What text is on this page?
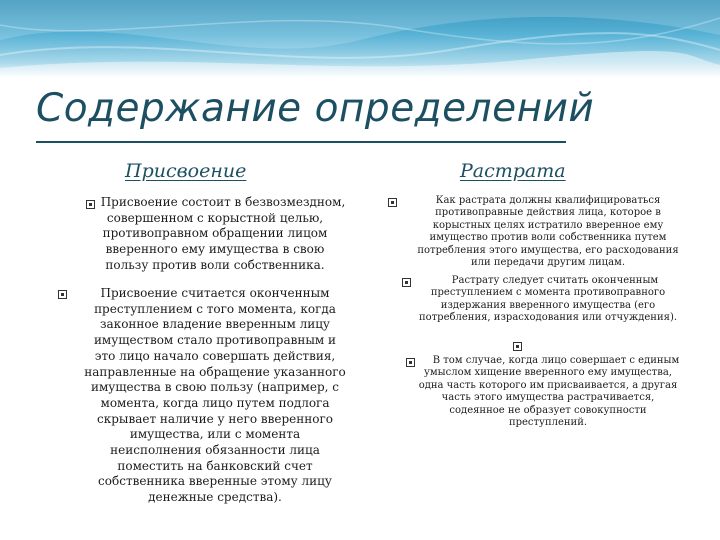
Содержание определений
Присвоение	Растрата

Присвоение состоит в безвозмездном, совершенном с корыстной целью, противоправном обращении лицом вверенного ему имущества в свою пользу против воли собственника.

Присвоение считается оконченным преступлением с того момента, когда законное владение вверенным лицу имуществом стало противоправным и это лицо начало совершать действия, направленные на обращение указанного имущества в свою пользу (например, с момента, когда лицо путем подлога скрывает наличие у него вверенного имущества, или с момента неисполнения обязанности лица поместить на банковский счет собственника вверенные этому лицу денежные средства).

Как растрата должны квалифицироваться противоправные действия лица, которое в корыстных целях истратило вверенное ему имущество против воли собственника путем потребления этого имущества, его расходования или передачи другим лицам.

Растрату следует считать оконченным преступлением с момента противоправного издержания вверенного имущества (его потребления, израсходования или отчуждения).

В том случае, когда лицо совершает с единым умыслом хищение вверенного ему имущества, одна часть которого им присваивается, а другая часть этого имущества растрачивается, содеянное не образует совокупности преступлений.
